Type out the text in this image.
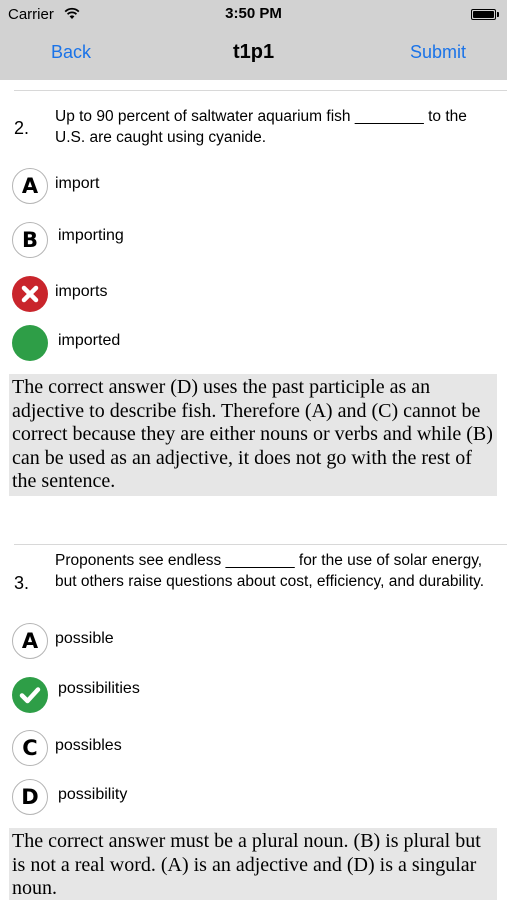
Carrier	3:50 PM
Back	t1p1	Submit
2.
Up to 90 percent of saltwater aquarium fish ________ to the U.S. are caught using cyanide.
A	import
B	importing
imports
imported
The correct answer (D) uses the past participle as an adjective to describe fish. Therefore (A) and (C) cannot be correct because they are either nouns or verbs and while (B) can be used as an adjective, it does not go with the rest of the sentence.
3.
Proponents see endless ________ for the use of solar energy, but others raise questions about cost, efficiency, and durability.
A	possible
possibilities
C	possibles
D	possibility
The correct answer must be a plural noun. (B) is plural but is not a real word. (A) is an adjective and (D) is a singular noun.
